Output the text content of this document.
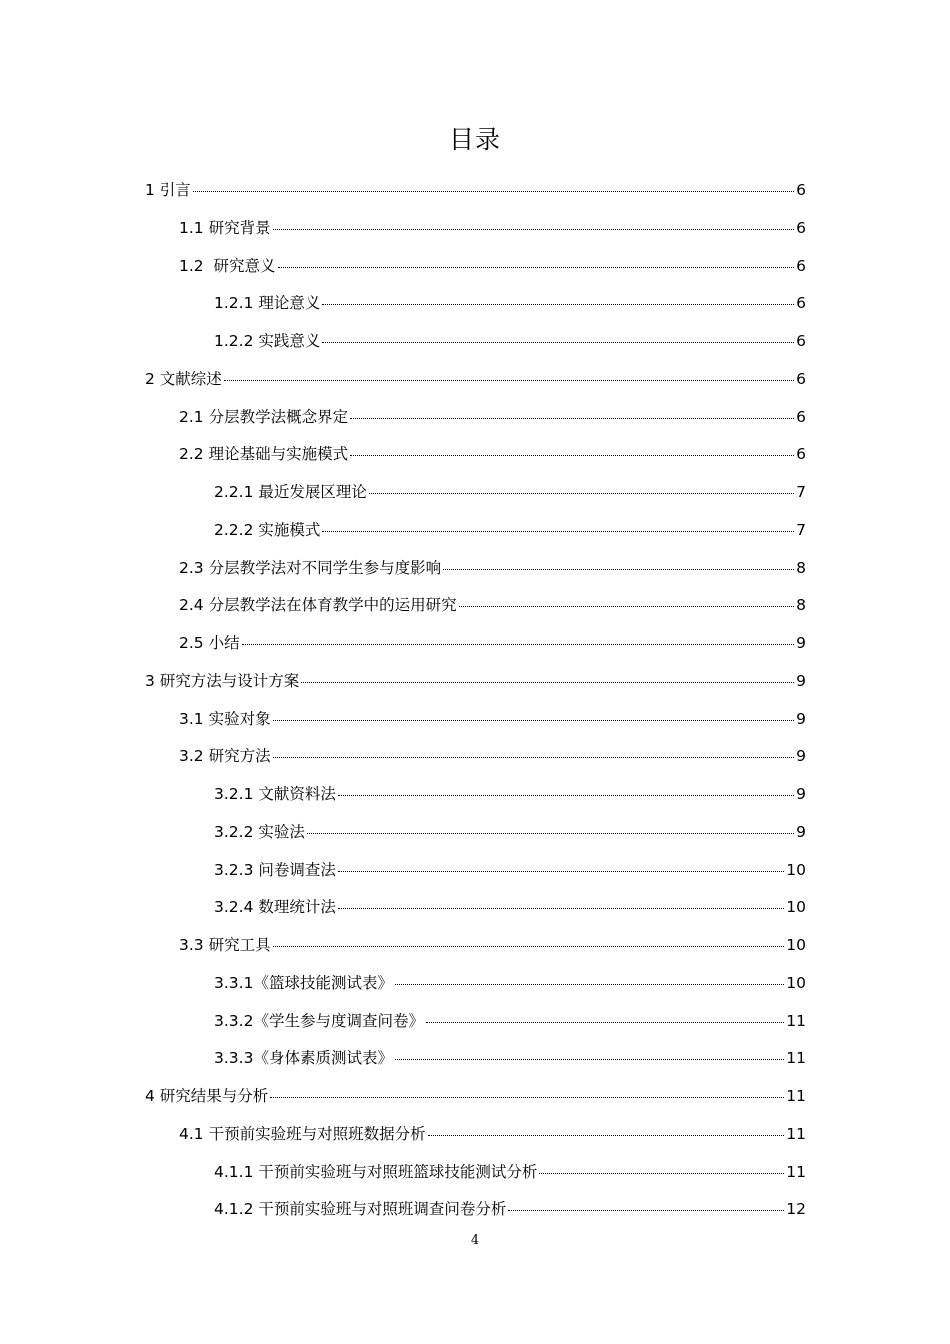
目录
1 引言	6
1.1 研究背景	6
1.2  研究意义	6
1.2.1 理论意义	6
1.2.2 实践意义	6
2 文献综述	6
2.1 分层教学法概念界定	6
2.2 理论基础与实施模式	6
2.2.1 最近发展区理论	7
2.2.2 实施模式	7
2.3 分层教学法对不同学生参与度影响	8
2.4 分层教学法在体育教学中的运用研究	8
2.5 小结	9
3 研究方法与设计方案	9
3.1 实验对象	9
3.2 研究方法	9
3.2.1 文献资料法	9
3.2.2 实验法	9
3.2.3 问卷调查法	10
3.2.4 数理统计法	10
3.3 研究工具	10
3.3.1《篮球技能测试表》	10
3.3.2《学生参与度调查问卷》	11
3.3.3《身体素质测试表》	11
4 研究结果与分析	11
4.1 干预前实验班与对照班数据分析	11
4.1.1 干预前实验班与对照班篮球技能测试分析	11
4.1.2 干预前实验班与对照班调查问卷分析	12
4
